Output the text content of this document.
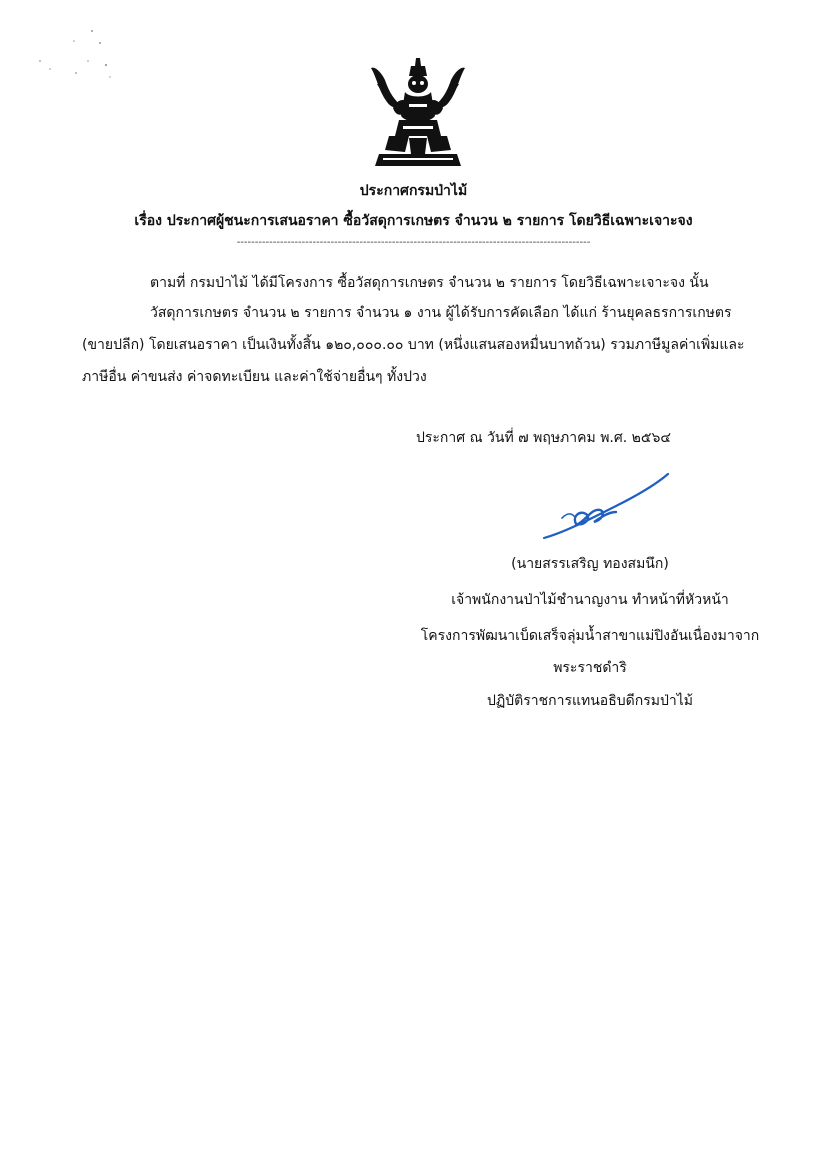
ประกาศกรมป่าไม้
เรื่อง ประกาศผู้ชนะการเสนอราคา ซื้อวัสดุการเกษตร จำนวน ๒ รายการ โดยวิธีเฉพาะเจาะจง
--------------------------------------------------------------------------------------------------
ตามที่ กรมป่าไม้ ได้มีโครงการ ซื้อวัสดุการเกษตร จำนวน ๒ รายการ โดยวิธีเฉพาะเจาะจง นั้น
วัสดุการเกษตร จำนวน ๒ รายการ จำนวน ๑ งาน ผู้ได้รับการคัดเลือก ได้แก่ ร้านยุคลธรการเกษตร
(ขายปลีก) โดยเสนอราคา เป็นเงินทั้งสิ้น ๑๒๐,๐๐๐.๐๐ บาท (หนึ่งแสนสองหมื่นบาทถ้วน) รวมภาษีมูลค่าเพิ่มและ
ภาษีอื่น ค่าขนส่ง ค่าจดทะเบียน และค่าใช้จ่ายอื่นๆ ทั้งปวง
ประกาศ ณ วันที่ ๗ พฤษภาคม พ.ศ. ๒๕๖๔
(นายสรรเสริญ ทองสมนึก)
เจ้าพนักงานป่าไม้ชำนาญงาน ทำหน้าที่หัวหน้า
โครงการพัฒนาเบ็ดเสร็จลุ่มน้ำสาขาแม่ปิงอันเนื่องมาจาก
พระราชดำริ
ปฏิบัติราชการแทนอธิบดีกรมป่าไม้
